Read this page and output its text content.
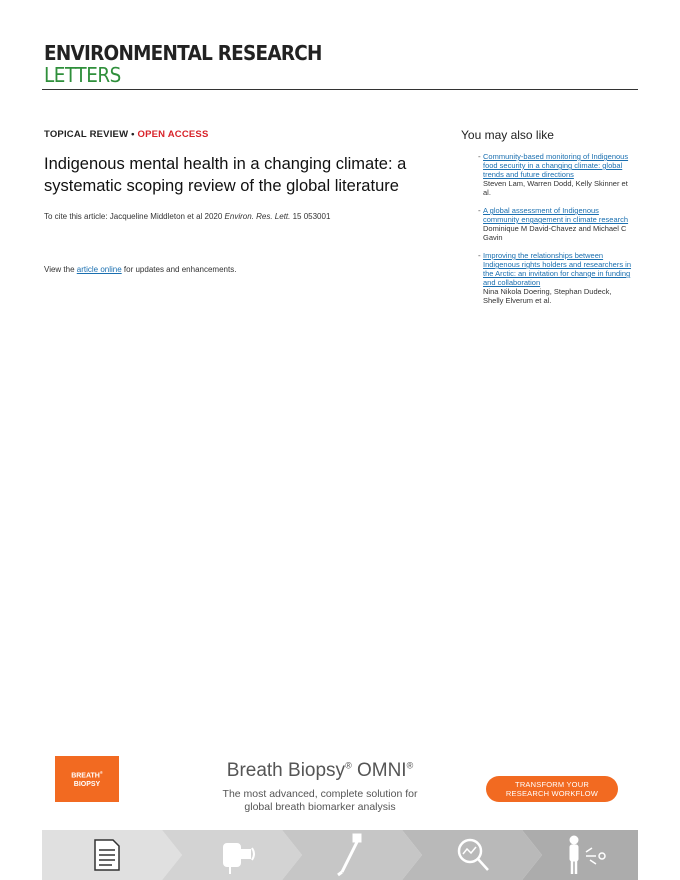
ENVIRONMENTAL RESEARCH
LETTERS
TOPICAL REVIEW • OPEN ACCESS
Indigenous mental health in a changing climate: a systematic scoping review of the global literature
To cite this article: Jacqueline Middleton et al 2020 Environ. Res. Lett. 15 053001
View the article online for updates and enhancements.
You may also like
- Community-based monitoring of Indigenous food security in a changing climate: global trends and future directions
Steven Lam, Warren Dodd, Kelly Skinner et al.
- A global assessment of Indigenous community engagement in climate research
Dominique M David-Chavez and Michael C Gavin
- Improving the relationships between Indigenous rights holders and researchers in the Arctic: an invitation for change in funding and collaboration
Nina Nikola Doering, Stephan Dudeck, Shelly Elverum et al.
BREATH®
BIOPSY
Breath Biopsy® OMNI®
The most advanced, complete solution for
global breath biomarker analysis
TRANSFORM YOUR
RESEARCH WORKFLOW
